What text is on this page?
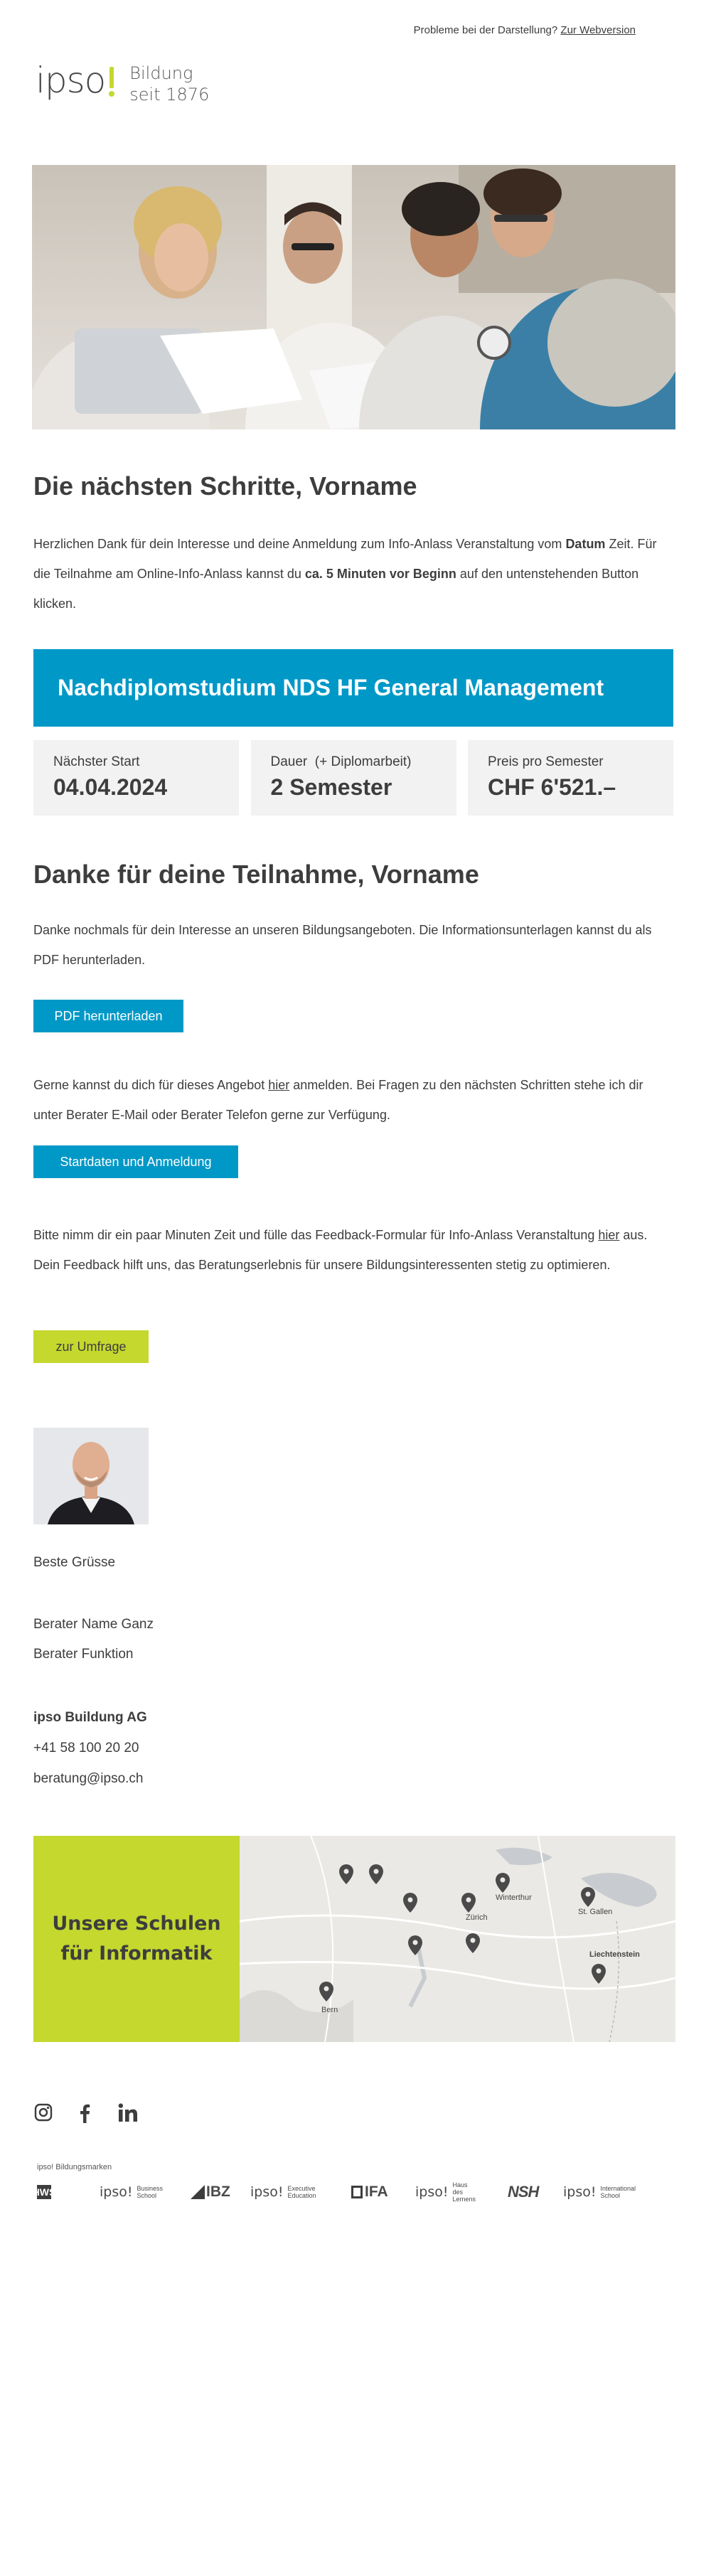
Probleme bei der Darstellung? Zur Webversion
ipso Bildung
seit 1876
Die nächsten Schritte, Vorname

Herzlichen Dank für dein Interesse und deine Anmeldung zum Info-Anlass Veranstaltung vom Datum Zeit. Für die Teilnahme am Online-Info-Anlass kannst du ca. 5 Minuten vor Beginn auf den untenstehenden Button klicken.

Nachdiplomstudium NDS HF General Management
Nächster Start
04.04.2024
Dauer  (+ Diplomarbeit)
2 Semester
Preis pro Semester
CHF 6'521.–
Danke für deine Teilnahme, Vorname

Danke nochmals für dein Interesse an unseren Bildungsangeboten. Die Informationsunterlagen kannst du als PDF herunterladen.

PDF herunterladen

Gerne kannst du dich für dieses Angebot hier anmelden. Bei Fragen zu den nächsten Schritten stehe ich dir unter Berater E-Mail oder Berater Telefon gerne zur Verfügung.

Startdaten und Anmeldung

Bitte nimm dir ein paar Minuten Zeit und fülle das Feedback-Formular für Info-Anlass Veranstaltung hier aus. Dein Feedback hilft uns, das Beratungserlebnis für unsere Bildungsinteressenten stetig zu optimieren.

zur Umfrage
Beste Grüsse
Berater Name Ganz
Berater Funktion
ipso Buildung AG
+41 58 100 20 20
beratung@ipso.ch
Unsere Schulen
für Informatik
Zürich
Liechtenstein
Bern
St. Gallen
Winterthur
ipso! Bildungsmarken
HWS	ipso! Business
School	IBZ ipso! Executive
Education	IFA ipso! Haus des
Lernens NSH ipso! International
School
